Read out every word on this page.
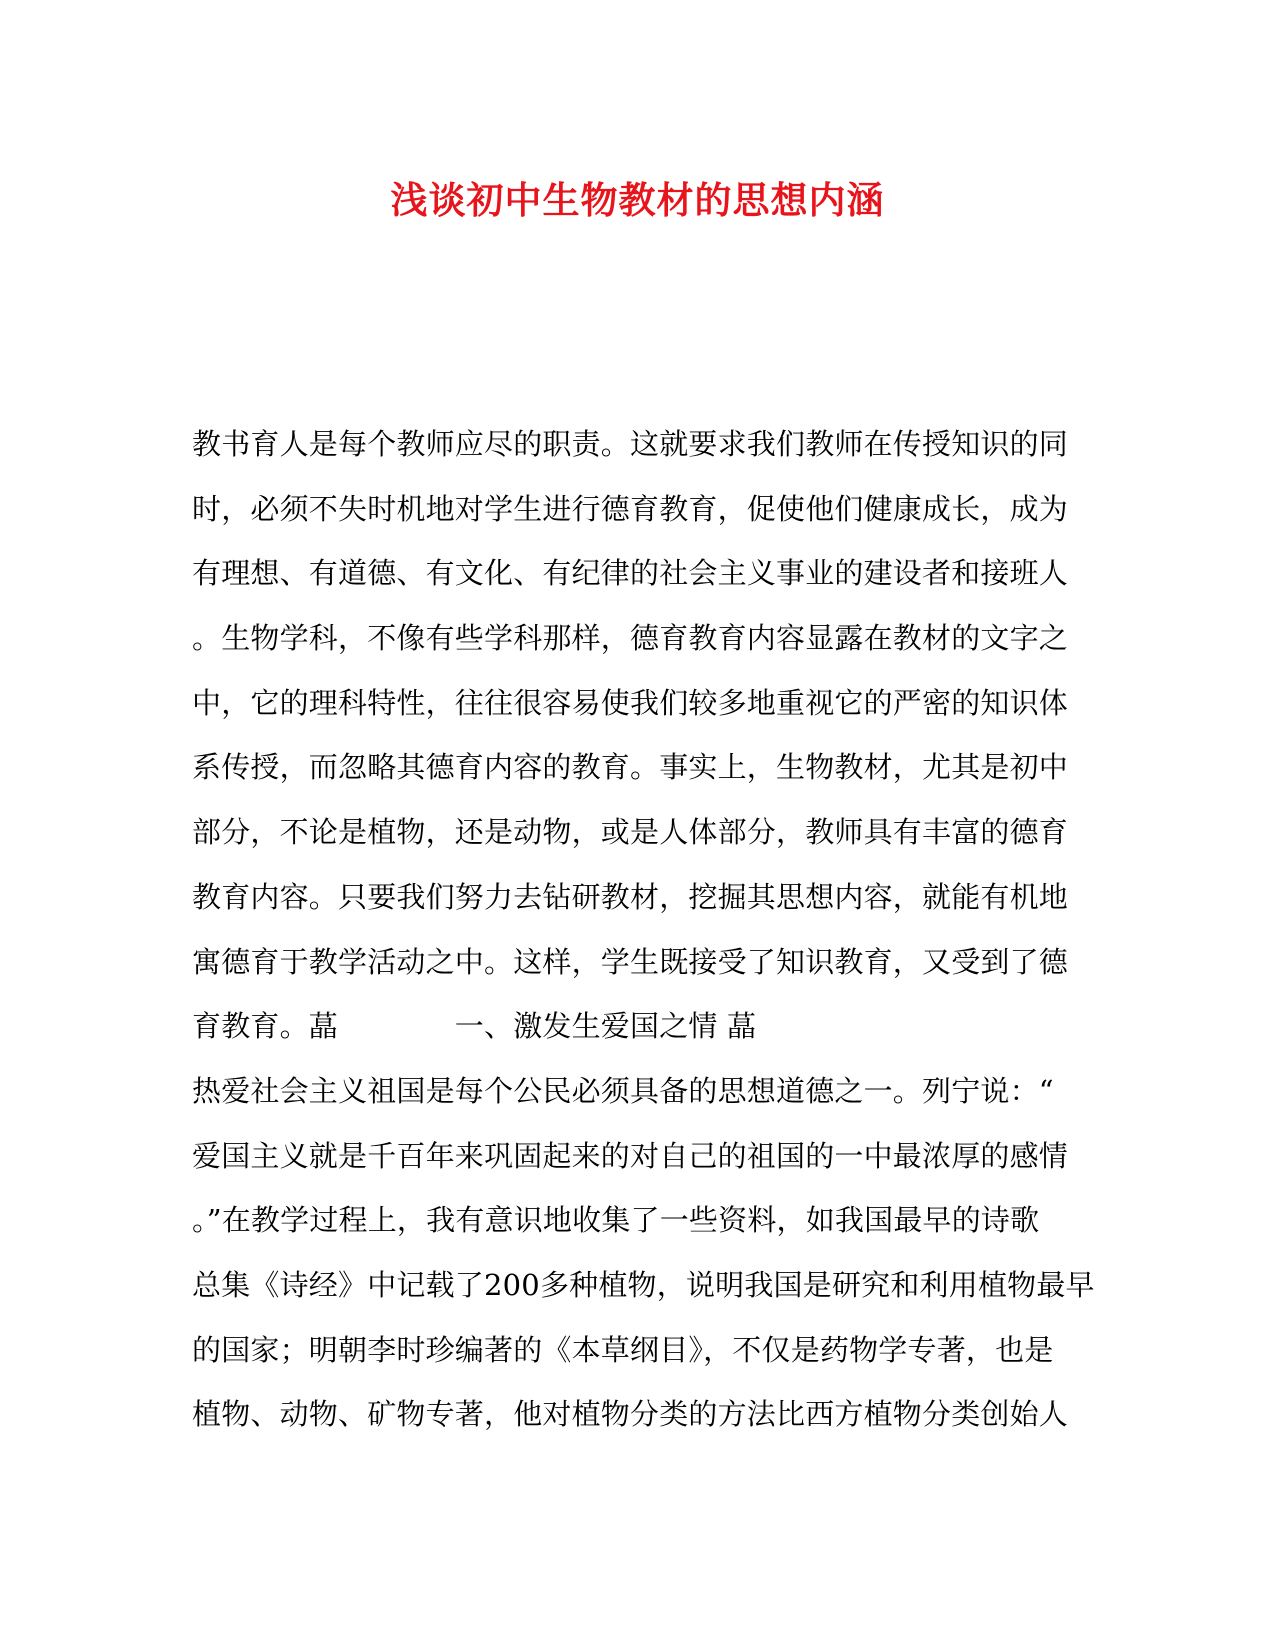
浅谈初中生物教材的思想内涵
教书育人是每个教师应尽的职责。这就要求我们教师在传授知识的同
时，必须不失时机地对学生进行德育教育，促使他们健康成长，成为
有理想、有道德、有文化、有纪律的社会主义事业的建设者和接班人
。生物学科，不像有些学科那样，德育教育内容显露在教材的文字之
中，它的理科特性，往往很容易使我们较多地重视它的严密的知识体
系传授，而忽略其德育内容的教育。事实上，生物教材，尤其是初中
部分，不论是植物，还是动物，或是人体部分，教师具有丰富的德育
教育内容。只要我们努力去钻研教材，挖掘其思想内容，就能有机地
寓德育于教学活动之中。这样，学生既接受了知识教育，又受到了德
育教育。蕌　　　　一、激发生爱国之情 蕌
热爱社会主义祖国是每个公民必须具备的思想道德之一。列宁说：“
爱国主义就是千百年来巩固起来的对自己的祖国的一中最浓厚的感情
。”在教学过程上，我有意识地收集了一些资料，如我国最早的诗歌
总集《诗经》中记载了200多种植物，说明我国是研究和利用植物最早
的国家；明朝李时珍编著的《本草纲目》，不仅是药物学专著，也是
植物、动物、矿物专著，他对植物分类的方法比西方植物分类创始人
